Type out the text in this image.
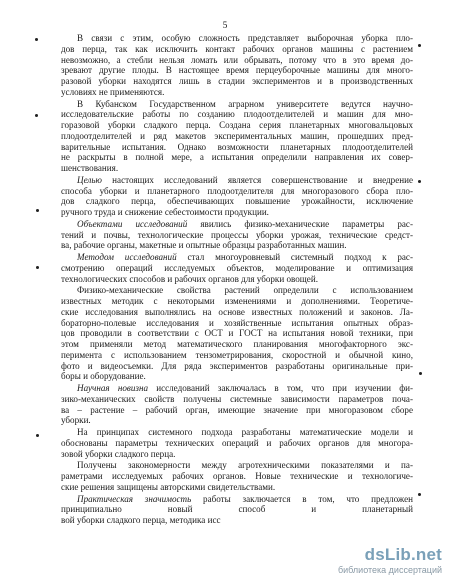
5
В связи с этим, особую сложность представляет выборочная уборка пло-
дов перца, так как исключить контакт рабочих органов машины с растением
невозможно, а стебли нельзя ломать или обрывать, потому что в это время до-
зревают другие плоды. В настоящее время перцеуборочные машины для много-
разовой уборки находятся лишь в стадии экспериментов и в производственных
условиях не применяются.
В Кубанском Государственном аграрном университете ведутся научно-
исследовательские работы по созданию плодоотделителей и машин для мно-
горазовой уборки сладкого перца. Создана серия планетарных многовальцовых
плодоотделителей и ряд макетов экспериментальных машин, прошедших пред-
варительные испытания. Однако возможности планетарных плодоотделителей
не раскрыты в полной мере, а испытания определили направления их совер-
шенствования.
Целью настоящих исследований является совершенствование и внедрение
способа уборки и планетарного плодоотделителя для многоразового сбора пло-
дов сладкого перца, обеспечивающих повышение урожайности, исключение
ручного труда и снижение себестоимости продукции.
Объектами исследований явились физико-механические параметры рас-
тений и почвы, технологические процессы уборки урожая, технические средст-
ва, рабочие органы, макетные и опытные образцы разработанных машин.
Методом исследований стал многоуровневый системный подход к рас-
смотрению операций исследуемых объектов, моделирование и оптимизация
технологических способов и рабочих органов для уборки овощей.
Физико-механические свойства растений определили с использованием
известных методик с некоторыми изменениями и дополнениями. Теоретиче-
ские исследования выполнялись на основе известных положений и законов. Ла-
бораторно-полевые исследования и хозяйственные испытания опытных образ-
цов проводили в соответствии с ОСТ и ГОСТ на испытания новой техники, при
этом применяли метод математического планирования многофакторного экс-
перимента с использованием тензометрирования, скоростной и обычной кино,
фото и видеосъемки. Для ряда экспериментов разработаны оригинальные при-
боры и оборудование.
Научная новизна исследований заключалась в том, что при изучении фи-
зико-механических свойств получены системные зависимости параметров поча-
ва – растение – рабочий орган, имеющие значение при многоразовом сборе
уборки.
На принципах системного подхода разработаны математические модели и
обоснованы параметры технических операций и рабочих органов для многора-
зовой уборки сладкого перца.
Получены закономерности между агротехническими показателями и па-
раметрами исследуемых рабочих органов. Новые технические и технологиче-
ские решения защищены авторскими свидетельствами.
Практическая значимость работы заключается в том, что предложен
принципиально новый способ и планетарный
вой уборки сладкого перца, методика исс
dsLib.net
библиотека диссертаций
